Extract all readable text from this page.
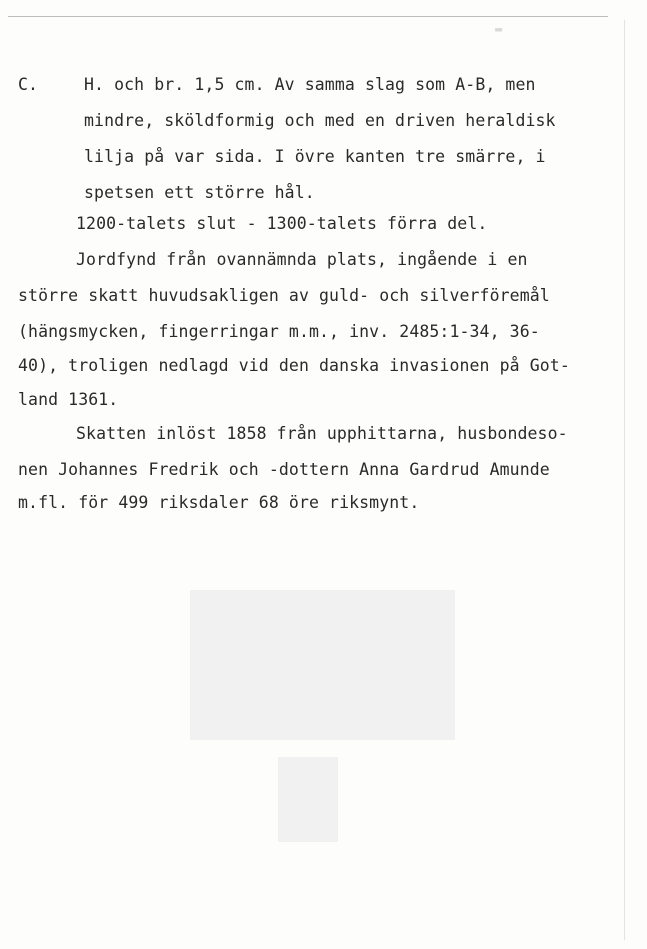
▬
C.	H. och br. 1,5 cm. Av samma slag som A-B, men
mindre, sköldformig och med en driven heraldisk
lilja på var sida. I övre kanten tre smärre, i
spetsen ett större hål.
1200-talets slut - 1300-talets förra del.
Jordfynd från ovannämnda plats, ingående i en
större skatt huvudsakligen av guld- och silverföremål
(hängsmycken, fingerringar m.m., inv. 2485:1-34, 36-
40), troligen nedlagd vid den danska invasionen på Got-
land 1361.
Skatten inlöst 1858 från upphittarna, husbondeso-
nen Johannes Fredrik och -dottern Anna Gardrud Amunde
m.fl. för 499 riksdaler 68 öre riksmynt.
